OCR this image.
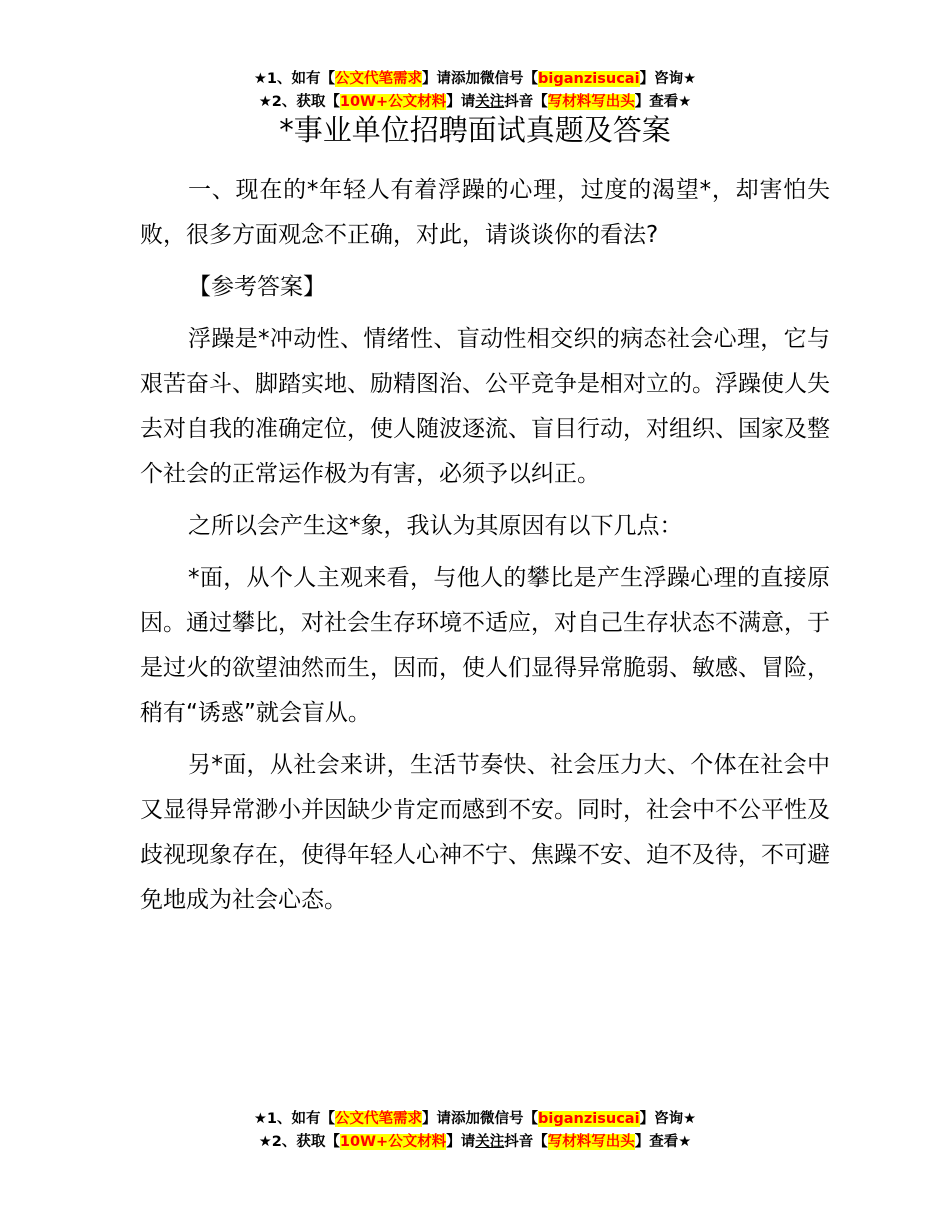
★1、如有【公文代笔需求】请添加微信号【biganzisucai】咨询★
★2、获取【10W+公文材料】请关注抖音【写材料写出头】查看★
*事业单位招聘面试真题及答案

一、现在的*年轻人有着浮躁的心理，过度的渴望*，却害怕失败，很多方面观念不正确，对此，请谈谈你的看法?

【参考答案】

浮躁是*冲动性、情绪性、盲动性相交织的病态社会心理，它与艰苦奋斗、脚踏实地、励精图治、公平竞争是相对立的。浮躁使人失去对自我的准确定位，使人随波逐流、盲目行动，对组织、国家及整个社会的正常运作极为有害，必须予以纠正。

之所以会产生这*象，我认为其原因有以下几点：

*面，从个人主观来看，与他人的攀比是产生浮躁心理的直接原因。通过攀比，对社会生存环境不适应，对自己生存状态不满意，于是过火的欲望油然而生，因而，使人们显得异常脆弱、敏感、冒险，稍有“诱惑”就会盲从。

另*面，从社会来讲，生活节奏快、社会压力大、个体在社会中又显得异常渺小并因缺少肯定而感到不安。同时，社会中不公平性及歧视现象存在，使得年轻人心神不宁、焦躁不安、迫不及待，不可避免地成为社会心态。

★1、如有【公文代笔需求】请添加微信号【biganzisucai】咨询★
★2、获取【10W+公文材料】请关注抖音【写材料写出头】查看★
